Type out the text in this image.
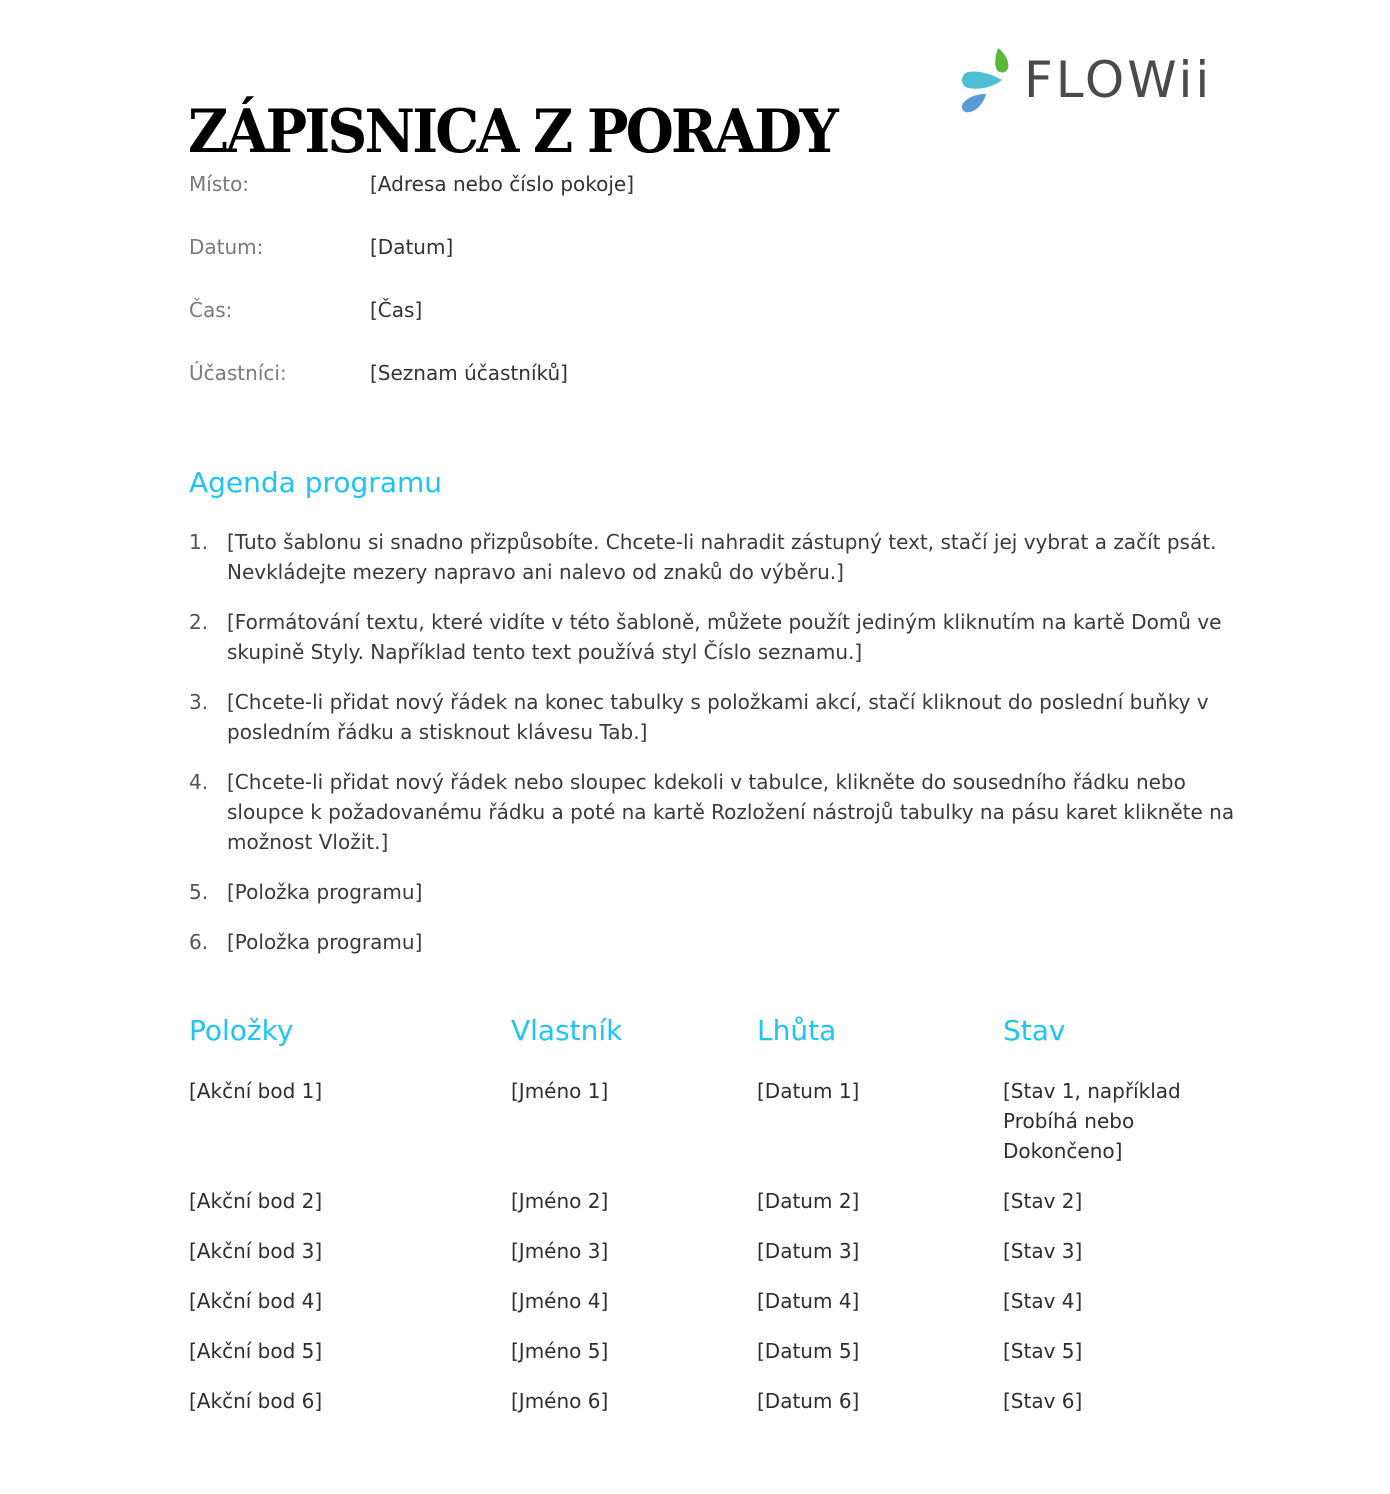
ZÁPISNICA Z PORADY
FLOWii
Místo:	[Adresa nebo číslo pokoje]
Datum:	[Datum]
Čas:	[Čas]
Účastníci:	[Seznam účastníků]
Agenda programu
1. [Tuto šablonu si snadno přizpůsobíte. Chcete-li nahradit zástupný text, stačí jej vybrat a začít psát. Nevkládejte mezery napravo ani nalevo od znaků do výběru.]
2. [Formátování textu, které vidíte v této šabloně, můžete použít jediným kliknutím na kartě Domů ve skupině Styly. Například tento text používá styl Číslo seznamu.]
3. [Chcete-li přidat nový řádek na konec tabulky s položkami akcí, stačí kliknout do poslední buňky v posledním řádku a stisknout klávesu Tab.]
4. [Chcete-li přidat nový řádek nebo sloupec kdekoli v tabulce, klikněte do sousedního řádku nebo sloupce k požadovanému řádku a poté na kartě Rozložení nástrojů tabulky na pásu karet klikněte na možnost Vložit.]
5. [Položka programu]
6. [Položka programu]
Položky	Vlastník	Lhůta	Stav
[Akční bod 1]	[Jméno 1]	[Datum 1]	[Stav 1, například Probíhá nebo Dokončeno]
[Akční bod 2]	[Jméno 2]	[Datum 2]	[Stav 2]
[Akční bod 3]	[Jméno 3]	[Datum 3]	[Stav 3]
[Akční bod 4]	[Jméno 4]	[Datum 4]	[Stav 4]
[Akční bod 5]	[Jméno 5]	[Datum 5]	[Stav 5]
[Akční bod 6]	[Jméno 6]	[Datum 6]	[Stav 6]
